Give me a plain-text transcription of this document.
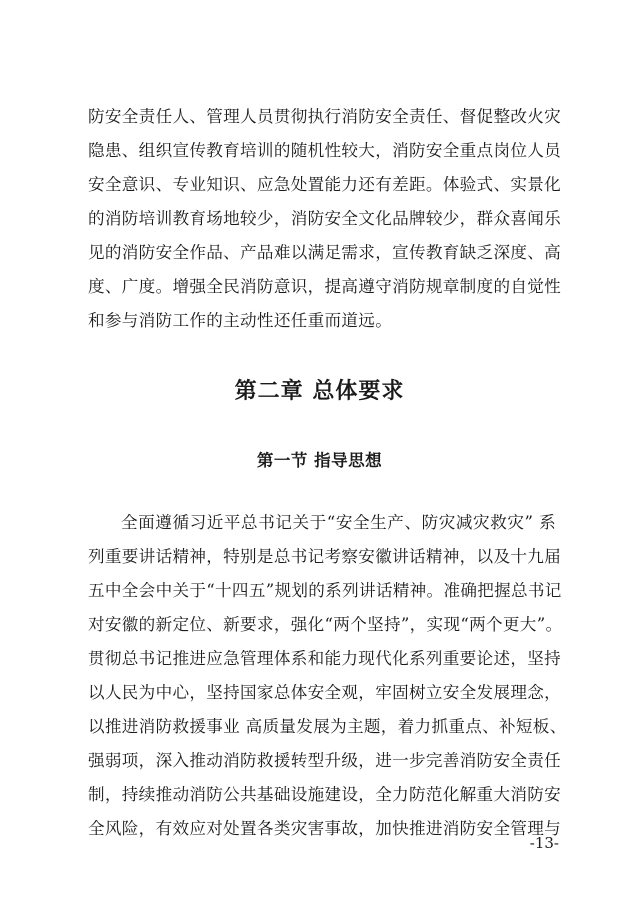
防安全责任人、管理人员贯彻执行消防安全责任、督促整改火灾
隐患、组织宣传教育培训的随机性较大，消防安全重点岗位人员
安全意识、专业知识、应急处置能力还有差距。体验式、实景化
的消防培训教育场地较少，消防安全文化品牌较少，群众喜闻乐
见的消防安全作品、产品难以满足需求，宣传教育缺乏深度、高
度、广度。增强全民消防意识，提高遵守消防规章制度的自觉性
和参与消防工作的主动性还任重而道远。
第二章 总体要求
第一节 指导思想
全面遵循习近平总书记关于“安全生产、防灾减灾救灾” 系
列重要讲话精神，特别是总书记考察安徽讲话精神，以及十九届
五中全会中关于“十四五”规划的系列讲话精神。准确把握总书记
对安徽的新定位、新要求，强化“两个坚持”，实现“两个更大”。
贯彻总书记推进应急管理体系和能力现代化系列重要论述，坚持
以人民为中心，坚持国家总体安全观，牢固树立安全发展理念，
以推进消防救援事业 高质量发展为主题，着力抓重点、补短板、
强弱项，深入推动消防救援转型升级，进一步完善消防安全责任
制，持续推动消防公共基础设施建设，全力防范化解重大消防安
全风险，有效应对处置各类灾害事故，加快推进消防安全管理与
-13-
